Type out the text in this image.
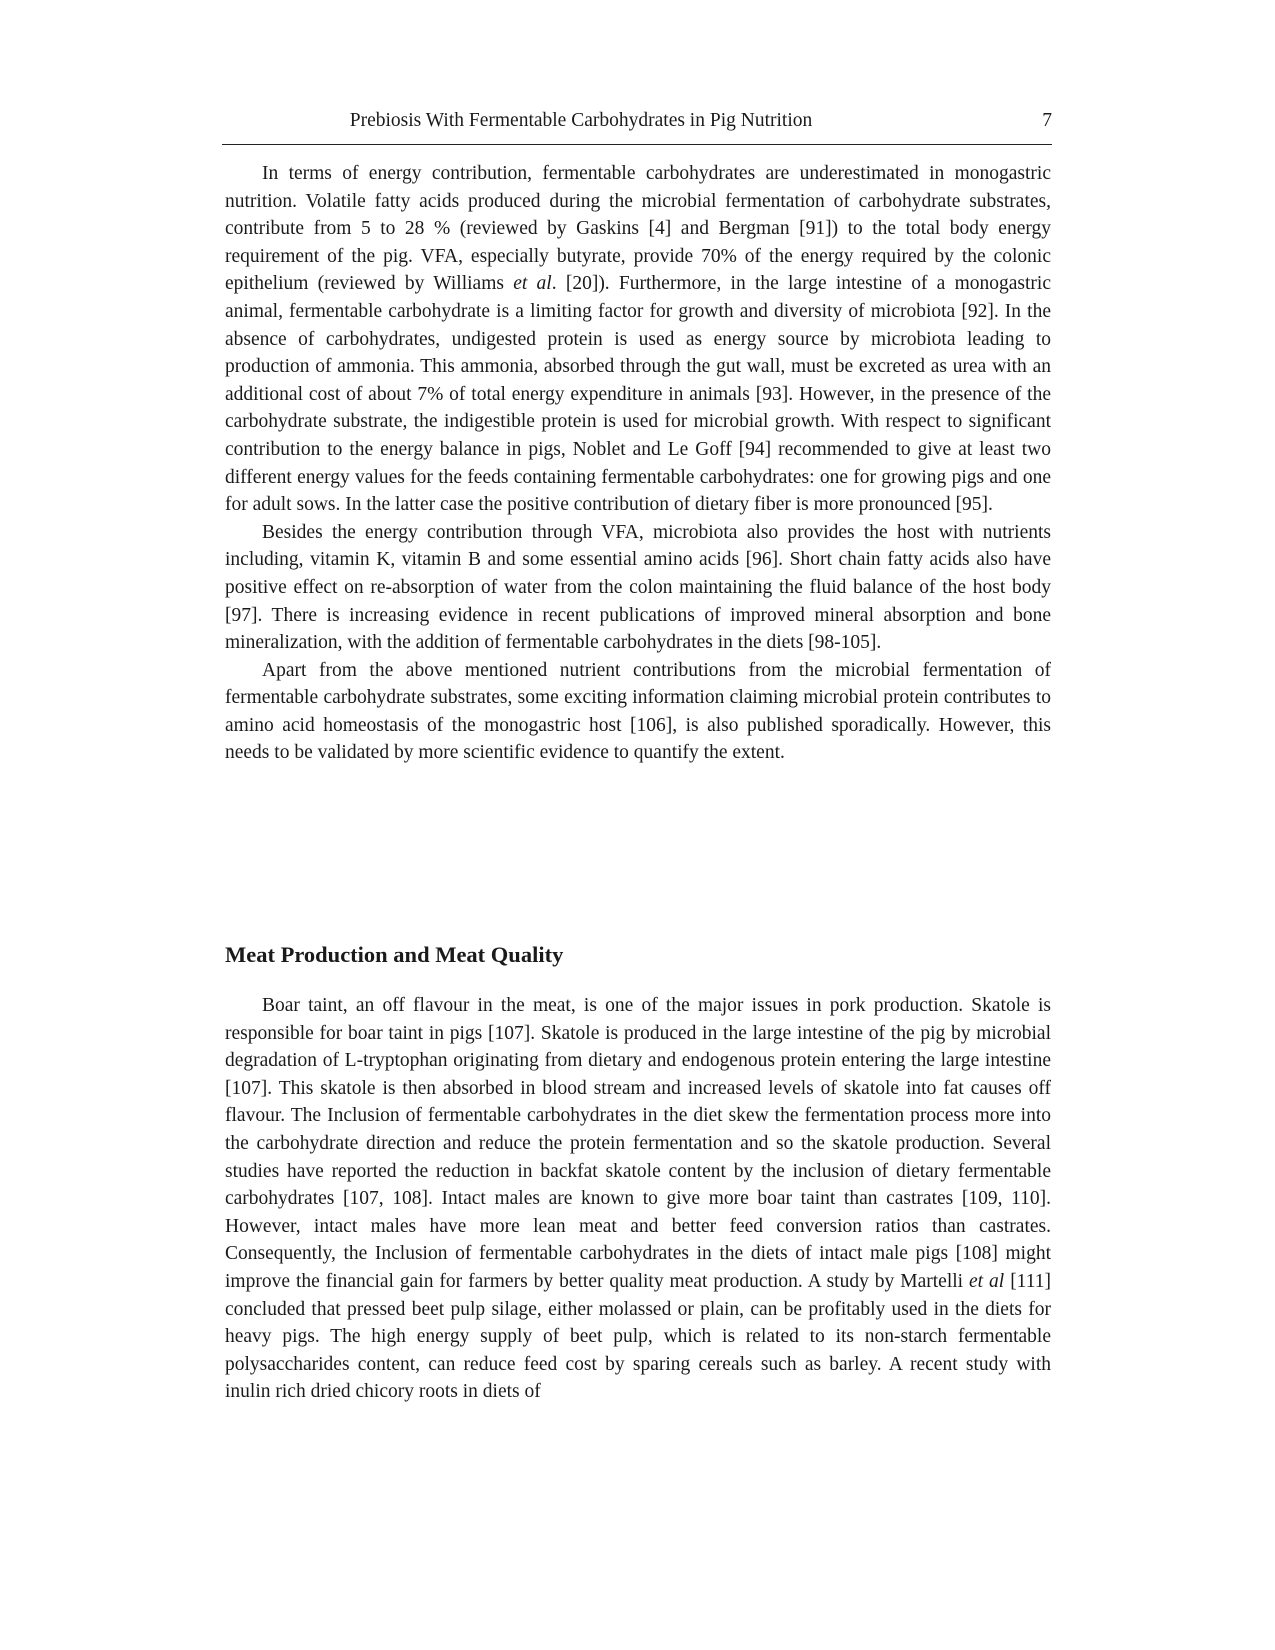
Prebiosis With Fermentable Carbohydrates in Pig Nutrition	7

In terms of energy contribution, fermentable carbohydrates are underestimated in monogastric nutrition. Volatile fatty acids produced during the microbial fermentation of carbohydrate substrates, contribute from 5 to 28 % (reviewed by Gaskins [4] and Bergman [91]) to the total body energy requirement of the pig. VFA, especially butyrate, provide 70% of the energy required by the colonic epithelium (reviewed by Williams et al. [20]). Furthermore, in the large intestine of a monogastric animal, fermentable carbohydrate is a limiting factor for growth and diversity of microbiota [92]. In the absence of carbohydrates, undigested protein is used as energy source by microbiota leading to production of ammonia. This ammonia, absorbed through the gut wall, must be excreted as urea with an additional cost of about 7% of total energy expenditure in animals [93]. However, in the presence of the carbohydrate substrate, the indigestible protein is used for microbial growth. With respect to significant contribution to the energy balance in pigs, Noblet and Le Goff [94] recommended to give at least two different energy values for the feeds containing fermentable carbohydrates: one for growing pigs and one for adult sows. In the latter case the positive contribution of dietary fiber is more pronounced [95].

Besides the energy contribution through VFA, microbiota also provides the host with nutrients including, vitamin K, vitamin B and some essential amino acids [96]. Short chain fatty acids also have positive effect on re-absorption of water from the colon maintaining the fluid balance of the host body [97]. There is increasing evidence in recent publications of improved mineral absorption and bone mineralization, with the addition of fermentable carbohydrates in the diets [98-105].

Apart from the above mentioned nutrient contributions from the microbial fermentation of fermentable carbohydrate substrates, some exciting information claiming microbial protein contributes to amino acid homeostasis of the monogastric host [106], is also published sporadically. However, this needs to be validated by more scientific evidence to quantify the extent.

Meat Production and Meat Quality

Boar taint, an off flavour in the meat, is one of the major issues in pork production. Skatole is responsible for boar taint in pigs [107]. Skatole is produced in the large intestine of the pig by microbial degradation of L-tryptophan originating from dietary and endogenous protein entering the large intestine [107]. This skatole is then absorbed in blood stream and increased levels of skatole into fat causes off flavour. The Inclusion of fermentable carbohydrates in the diet skew the fermentation process more into the carbohydrate direction and reduce the protein fermentation and so the skatole production. Several studies have reported the reduction in backfat skatole content by the inclusion of dietary fermentable carbohydrates [107, 108]. Intact males are known to give more boar taint than castrates [109, 110]. However, intact males have more lean meat and better feed conversion ratios than castrates. Consequently, the Inclusion of fermentable carbohydrates in the diets of intact male pigs [108] might improve the financial gain for farmers by better quality meat production. A study by Martelli et al [111] concluded that pressed beet pulp silage, either molassed or plain, can be profitably used in the diets for heavy pigs. The high energy supply of beet pulp, which is related to its non-starch fermentable polysaccharides content, can reduce feed cost by sparing cereals such as barley. A recent study with inulin rich dried chicory roots in diets of
